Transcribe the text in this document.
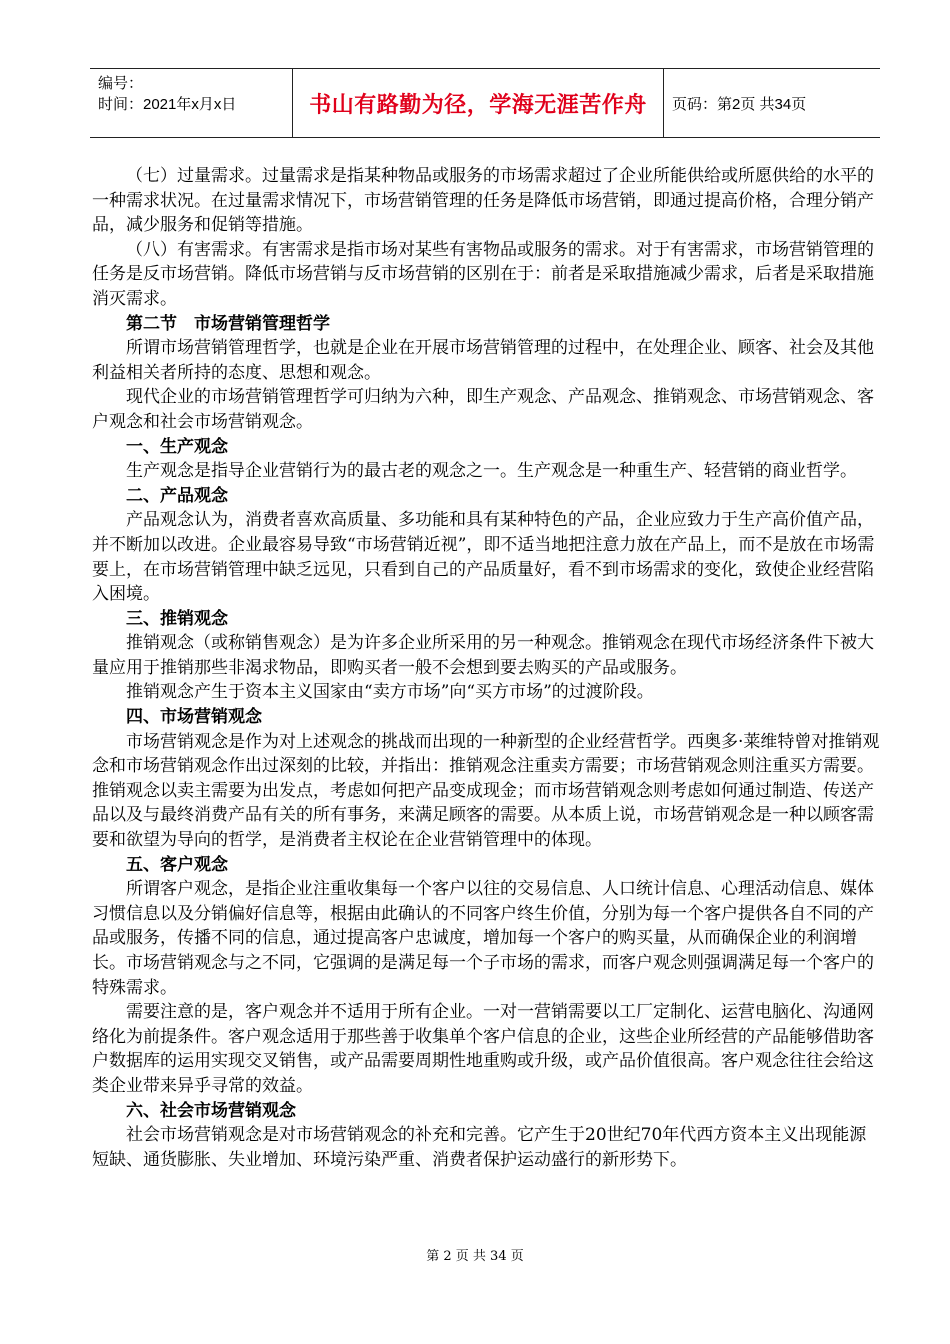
编号：
时间：2021年x月x日	书山有路勤为径，学海无涯苦作舟	页码：第2页 共34页

（七）过量需求。过量需求是指某种物品或服务的市场需求超过了企业所能供给或所愿供给的水平的一种需求状况。在过量需求情况下，市场营销管理的任务是降低市场营销，即通过提高价格，合理分销产品，减少服务和促销等措施。

（八）有害需求。有害需求是指市场对某些有害物品或服务的需求。对于有害需求，市场营销管理的任务是反市场营销。降低市场营销与反市场营销的区别在于：前者是采取措施减少需求，后者是采取措施消灭需求。

第二节　市场营销管理哲学

所谓市场营销管理哲学，也就是企业在开展市场营销管理的过程中，在处理企业、顾客、社会及其他利益相关者所持的态度、思想和观念。

现代企业的市场营销管理哲学可归纳为六种，即生产观念、产品观念、推销观念、市场营销观念、客户观念和社会市场营销观念。

一、生产观念

生产观念是指导企业营销行为的最古老的观念之一。生产观念是一种重生产、轻营销的商业哲学。

二、产品观念

产品观念认为，消费者喜欢高质量、多功能和具有某种特色的产品，企业应致力于生产高价值产品，并不断加以改进。企业最容易导致“市场营销近视”，即不适当地把注意力放在产品上，而不是放在市场需要上，在市场营销管理中缺乏远见，只看到自己的产品质量好，看不到市场需求的变化，致使企业经营陷入困境。

三、推销观念

推销观念（或称销售观念）是为许多企业所采用的另一种观念。推销观念在现代市场经济条件下被大量应用于推销那些非渴求物品，即购买者一般不会想到要去购买的产品或服务。

推销观念产生于资本主义国家由“卖方市场”向“买方市场”的过渡阶段。

四、市场营销观念

市场营销观念是作为对上述观念的挑战而出现的一种新型的企业经营哲学。西奥多·莱维特曾对推销观念和市场营销观念作出过深刻的比较，并指出：推销观念注重卖方需要；市场营销观念则注重买方需要。推销观念以卖主需要为出发点，考虑如何把产品变成现金；而市场营销观念则考虑如何通过制造、传送产品以及与最终消费产品有关的所有事务，来满足顾客的需要。从本质上说，市场营销观念是一种以顾客需要和欲望为导向的哲学，是消费者主权论在企业营销管理中的体现。

五、客户观念

所谓客户观念，是指企业注重收集每一个客户以往的交易信息、人口统计信息、心理活动信息、媒体习惯信息以及分销偏好信息等，根据由此确认的不同客户终生价值，分别为每一个客户提供各自不同的产品或服务，传播不同的信息，通过提高客户忠诚度，增加每一个客户的购买量，从而确保企业的利润增长。市场营销观念与之不同，它强调的是满足每一个子市场的需求，而客户观念则强调满足每一个客户的特殊需求。

需要注意的是，客户观念并不适用于所有企业。一对一营销需要以工厂定制化、运营电脑化、沟通网络化为前提条件。客户观念适用于那些善于收集单个客户信息的企业，这些企业所经营的产品能够借助客户数据库的运用实现交叉销售，或产品需要周期性地重购或升级，或产品价值很高。客户观念往往会给这类企业带来异乎寻常的效益。

六、社会市场营销观念

社会市场营销观念是对市场营销观念的补充和完善。它产生于20世纪70年代西方资本主义出现能源短缺、通货膨胀、失业增加、环境污染严重、消费者保护运动盛行的新形势下。

第 2 页 共 34 页
